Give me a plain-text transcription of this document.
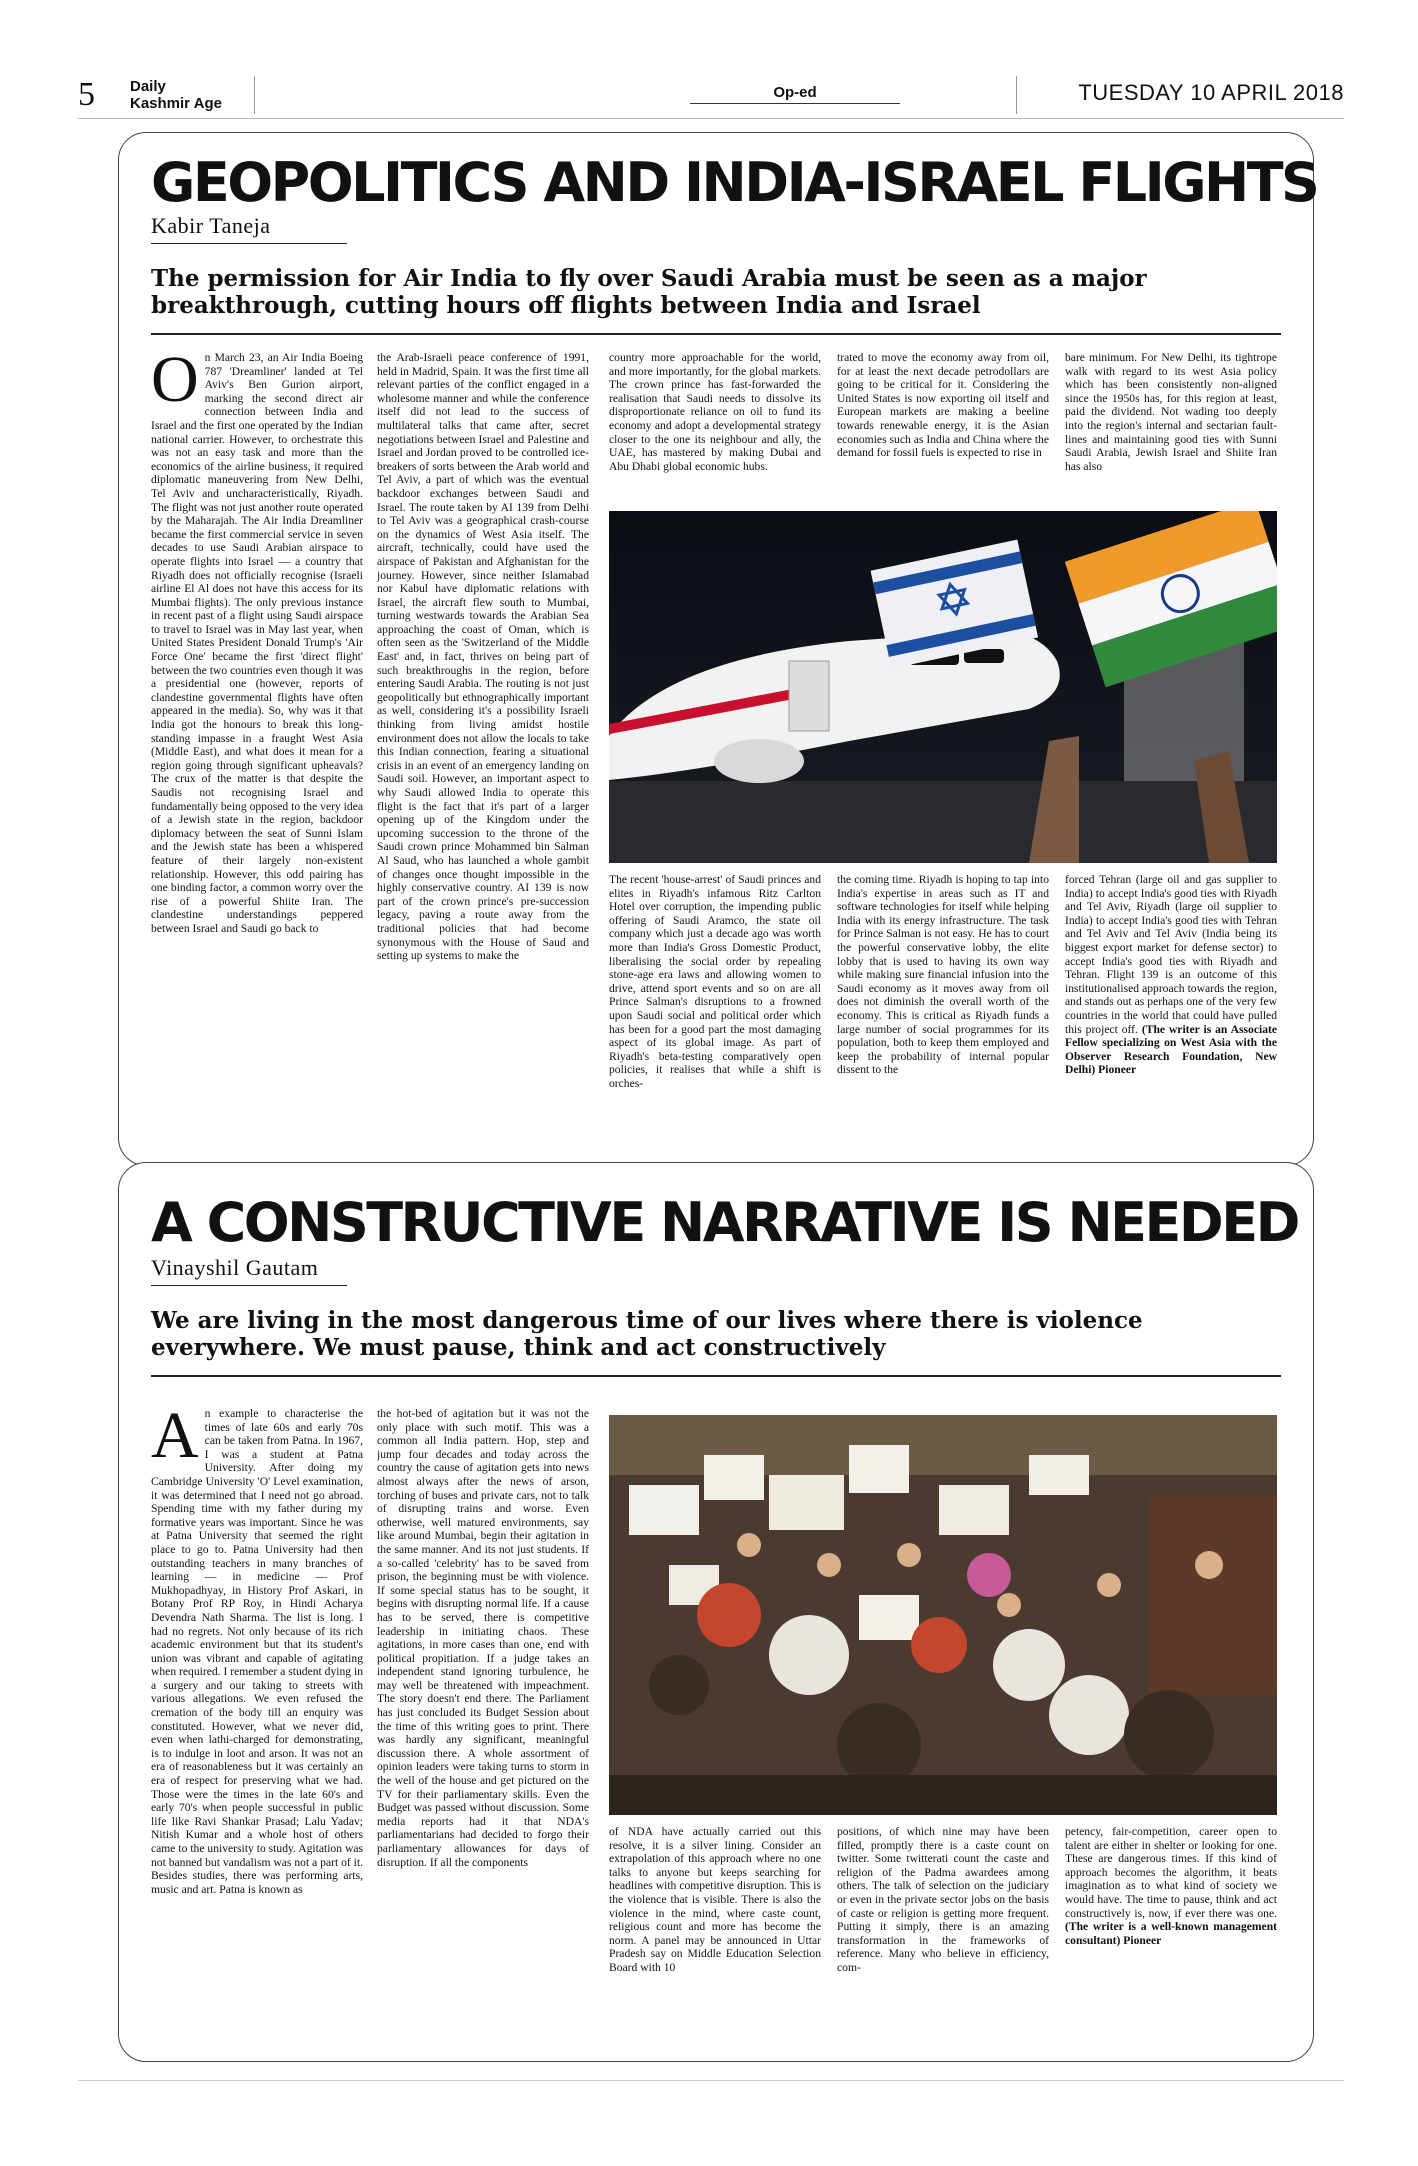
5 Daily
Kashmir Age
Op-ed	TUESDAY 10 APRIL 2018
GEOPOLITICS AND INDIA-ISRAEL FLIGHTS
Kabir Taneja
The permission for Air India to fly over Saudi Arabia must be seen as a major breakthrough, cutting hours off flights between India and Israel
On March 23, an Air India Boeing 787 'Dreamliner' landed at Tel Aviv's Ben Gurion airport, marking the second direct air connection between India and Israel and the first one operated by the Indian national carrier. However, to orchestrate this was not an easy task and more than the economics of the airline business, it required diplomatic maneuvering from New Delhi, Tel Aviv and uncharacteristically, Riyadh. The flight was not just another route operated by the Maharajah. The Air India Dreamliner became the first commercial service in seven decades to use Saudi Arabian airspace to operate flights into Israel — a country that Riyadh does not officially recognise (Israeli airline El Al does not have this access for its Mumbai flights). The only previous instance in recent past of a flight using Saudi airspace to travel to Israel was in May last year, when United States President Donald Trump's 'Air Force One' became the first 'direct flight' between the two countries even though it was a presidential one (however, reports of clandestine governmental flights have often appeared in the media). So, why was it that India got the honours to break this long-standing impasse in a fraught West Asia (Middle East), and what does it mean for a region going through significant upheavals? The crux of the matter is that despite the Saudis not recognising Israel and fundamentally being opposed to the very idea of a Jewish state in the region, backdoor diplomacy between the seat of Sunni Islam and the Jewish state has been a whispered feature of their largely non-existent relationship. However, this odd pairing has one binding factor, a common worry over the rise of a powerful Shiite Iran. The clandestine understandings peppered between Israel and Saudi go back to
the Arab-Israeli peace conference of 1991, held in Madrid, Spain. It was the first time all relevant parties of the conflict engaged in a wholesome manner and while the conference itself did not lead to the success of multilateral talks that came after, secret negotiations between Israel and Palestine and Israel and Jordan proved to be controlled ice-breakers of sorts between the Arab world and Tel Aviv, a part of which was the eventual backdoor exchanges between Saudi and Israel. The route taken by AI 139 from Delhi to Tel Aviv was a geographical crash-course on the dynamics of West Asia itself. The aircraft, technically, could have used the airspace of Pakistan and Afghanistan for the journey. However, since neither Islamabad nor Kabul have diplomatic relations with Israel, the aircraft flew south to Mumbai, turning westwards towards the Arabian Sea approaching the coast of Oman, which is often seen as the 'Switzerland of the Middle East' and, in fact, thrives on being part of such breakthroughs in the region, before entering Saudi Arabia. The routing is not just geopolitically but ethnographically important as well, considering it's a possibility Israeli thinking from living amidst hostile environment does not allow the locals to take this Indian connection, fearing a situational crisis in an event of an emergency landing on Saudi soil. However, an important aspect to why Saudi allowed India to operate this flight is the fact that it's part of a larger opening up of the Kingdom under the upcoming succession to the throne of the Saudi crown prince Mohammed bin Salman Al Saud, who has launched a whole gambit of changes once thought impossible in the highly conservative country. AI 139 is now part of the crown prince's pre-succession legacy, paving a route away from the traditional policies that had become synonymous with the House of Saud and setting up systems to make the
country more approachable for the world, and more importantly, for the global markets. The crown prince has fast-forwarded the realisation that Saudi needs to dissolve its disproportionate reliance on oil to fund its economy and adopt a developmental strategy closer to the one its neighbour and ally, the UAE, has mastered by making Dubai and Abu Dhabi global economic hubs.
trated to move the economy away from oil, for at least the next decade petrodollars are going to be critical for it. Considering the United States is now exporting oil itself and European markets are making a beeline towards renewable energy, it is the Asian economies such as India and China where the demand for fossil fuels is expected to rise in
bare minimum. For New Delhi, its tightrope walk with regard to its west Asia policy which has been consistently non-aligned since the 1950s has, for this region at least, paid the dividend. Not wading too deeply into the region's internal and sectarian fault-lines and maintaining good ties with Sunni Saudi Arabia, Jewish Israel and Shiite Iran has also
The recent 'house-arrest' of Saudi princes and elites in Riyadh's infamous Ritz Carlton Hotel over corruption, the impending public offering of Saudi Aramco, the state oil company which just a decade ago was worth more than India's Gross Domestic Product, liberalising the social order by repealing stone-age era laws and allowing women to drive, attend sport events and so on are all Prince Salman's disruptions to a frowned upon Saudi social and political order which has been for a good part the most damaging aspect of its global image. As part of Riyadh's beta-testing comparatively open policies, it realises that while a shift is orches-
the coming time. Riyadh is hoping to tap into India's expertise in areas such as IT and software technologies for itself while helping India with its energy infrastructure. The task for Prince Salman is not easy. He has to court the powerful conservative lobby, the elite lobby that is used to having its own way while making sure financial infusion into the Saudi economy as it moves away from oil does not diminish the overall worth of the economy. This is critical as Riyadh funds a large number of social programmes for its population, both to keep them employed and keep the probability of internal popular dissent to the
forced Tehran (large oil and gas supplier to India) to accept India's good ties with Riyadh and Tel Aviv, Riyadh (large oil supplier to India) to accept India's good ties with Tehran and Tel Aviv and Tel Aviv (India being its biggest export market for defense sector) to accept India's good ties with Riyadh and Tehran. Flight 139 is an outcome of this institutionalised approach towards the region, and stands out as perhaps one of the very few countries in the world that could have pulled this project off. (The writer is an Associate Fellow specializing on West Asia with the Observer Research Foundation, New Delhi) Pioneer
A CONSTRUCTIVE NARRATIVE IS NEEDED
Vinayshil Gautam
We are living in the most dangerous time of our lives where there is violence everywhere. We must pause, think and act constructively
An example to characterise the times of late 60s and early 70s can be taken from Patna. In 1967, I was a student at Patna University. After doing my Cambridge University 'O' Level examination, it was determined that I need not go abroad. Spending time with my father during my formative years was important. Since he was at Patna University that seemed the right place to go to. Patna University had then outstanding teachers in many branches of learning — in medicine — Prof Mukhopadhyay, in History Prof Askari, in Botany Prof RP Roy, in Hindi Acharya Devendra Nath Sharma. The list is long. I had no regrets. Not only because of its rich academic environment but that its student's union was vibrant and capable of agitating when required. I remember a student dying in a surgery and our taking to streets with various allegations. We even refused the cremation of the body till an enquiry was constituted. However, what we never did, even when lathi-charged for demonstrating, is to indulge in loot and arson. It was not an era of reasonableness but it was certainly an era of respect for preserving what we had. Those were the times in the late 60's and early 70's when people successful in public life like Ravi Shankar Prasad; Lalu Yadav; Nitish Kumar and a whole host of others came to the university to study. Agitation was not banned but vandalism was not a part of it. Besides studies, there was performing arts, music and art. Patna is known as
the hot-bed of agitation but it was not the only place with such motif. This was a common all India pattern. Hop, step and jump four decades and today across the country the cause of agitation gets into news almost always after the news of arson, torching of buses and private cars, not to talk of disrupting trains and worse. Even otherwise, well matured environments, say like around Mumbai, begin their agitation in the same manner. And its not just students. If a so-called 'celebrity' has to be saved from prison, the beginning must be with violence. If some special status has to be sought, it begins with disrupting normal life. If a cause has to be served, there is competitive leadership in initiating chaos. These agitations, in more cases than one, end with political propitiation. If a judge takes an independent stand ignoring turbulence, he may well be threatened with impeachment. The story doesn't end there. The Parliament has just concluded its Budget Session about the time of this writing goes to print. There was hardly any significant, meaningful discussion there. A whole assortment of opinion leaders were taking turns to storm in the well of the house and get pictured on the TV for their parliamentary skills. Even the Budget was passed without discussion. Some media reports had it that NDA's parliamentarians had decided to forgo their parliamentary allowances for days of disruption. If all the components
of NDA have actually carried out this resolve, it is a silver lining. Consider an extrapolation of this approach where no one talks to anyone but keeps searching for headlines with competitive disruption. This is the violence that is visible. There is also the violence in the mind, where caste count, religious count and more has become the norm. A panel may be announced in Uttar Pradesh say on Middle Education Selection Board with 10
positions, of which nine may have been filled, promptly there is a caste count on twitter. Some twitterati count the caste and religion of the Padma awardees among others. The talk of selection on the judiciary or even in the private sector jobs on the basis of caste or religion is getting more frequent. Putting it simply, there is an amazing transformation in the frameworks of reference. Many who believe in efficiency, com-
petency, fair-competition, career open to talent are either in shelter or looking for one. These are dangerous times. If this kind of approach becomes the algorithm, it beats imagination as to what kind of society we would have. The time to pause, think and act constructively is, now, if ever there was one. (The writer is a well-known management consultant) Pioneer
